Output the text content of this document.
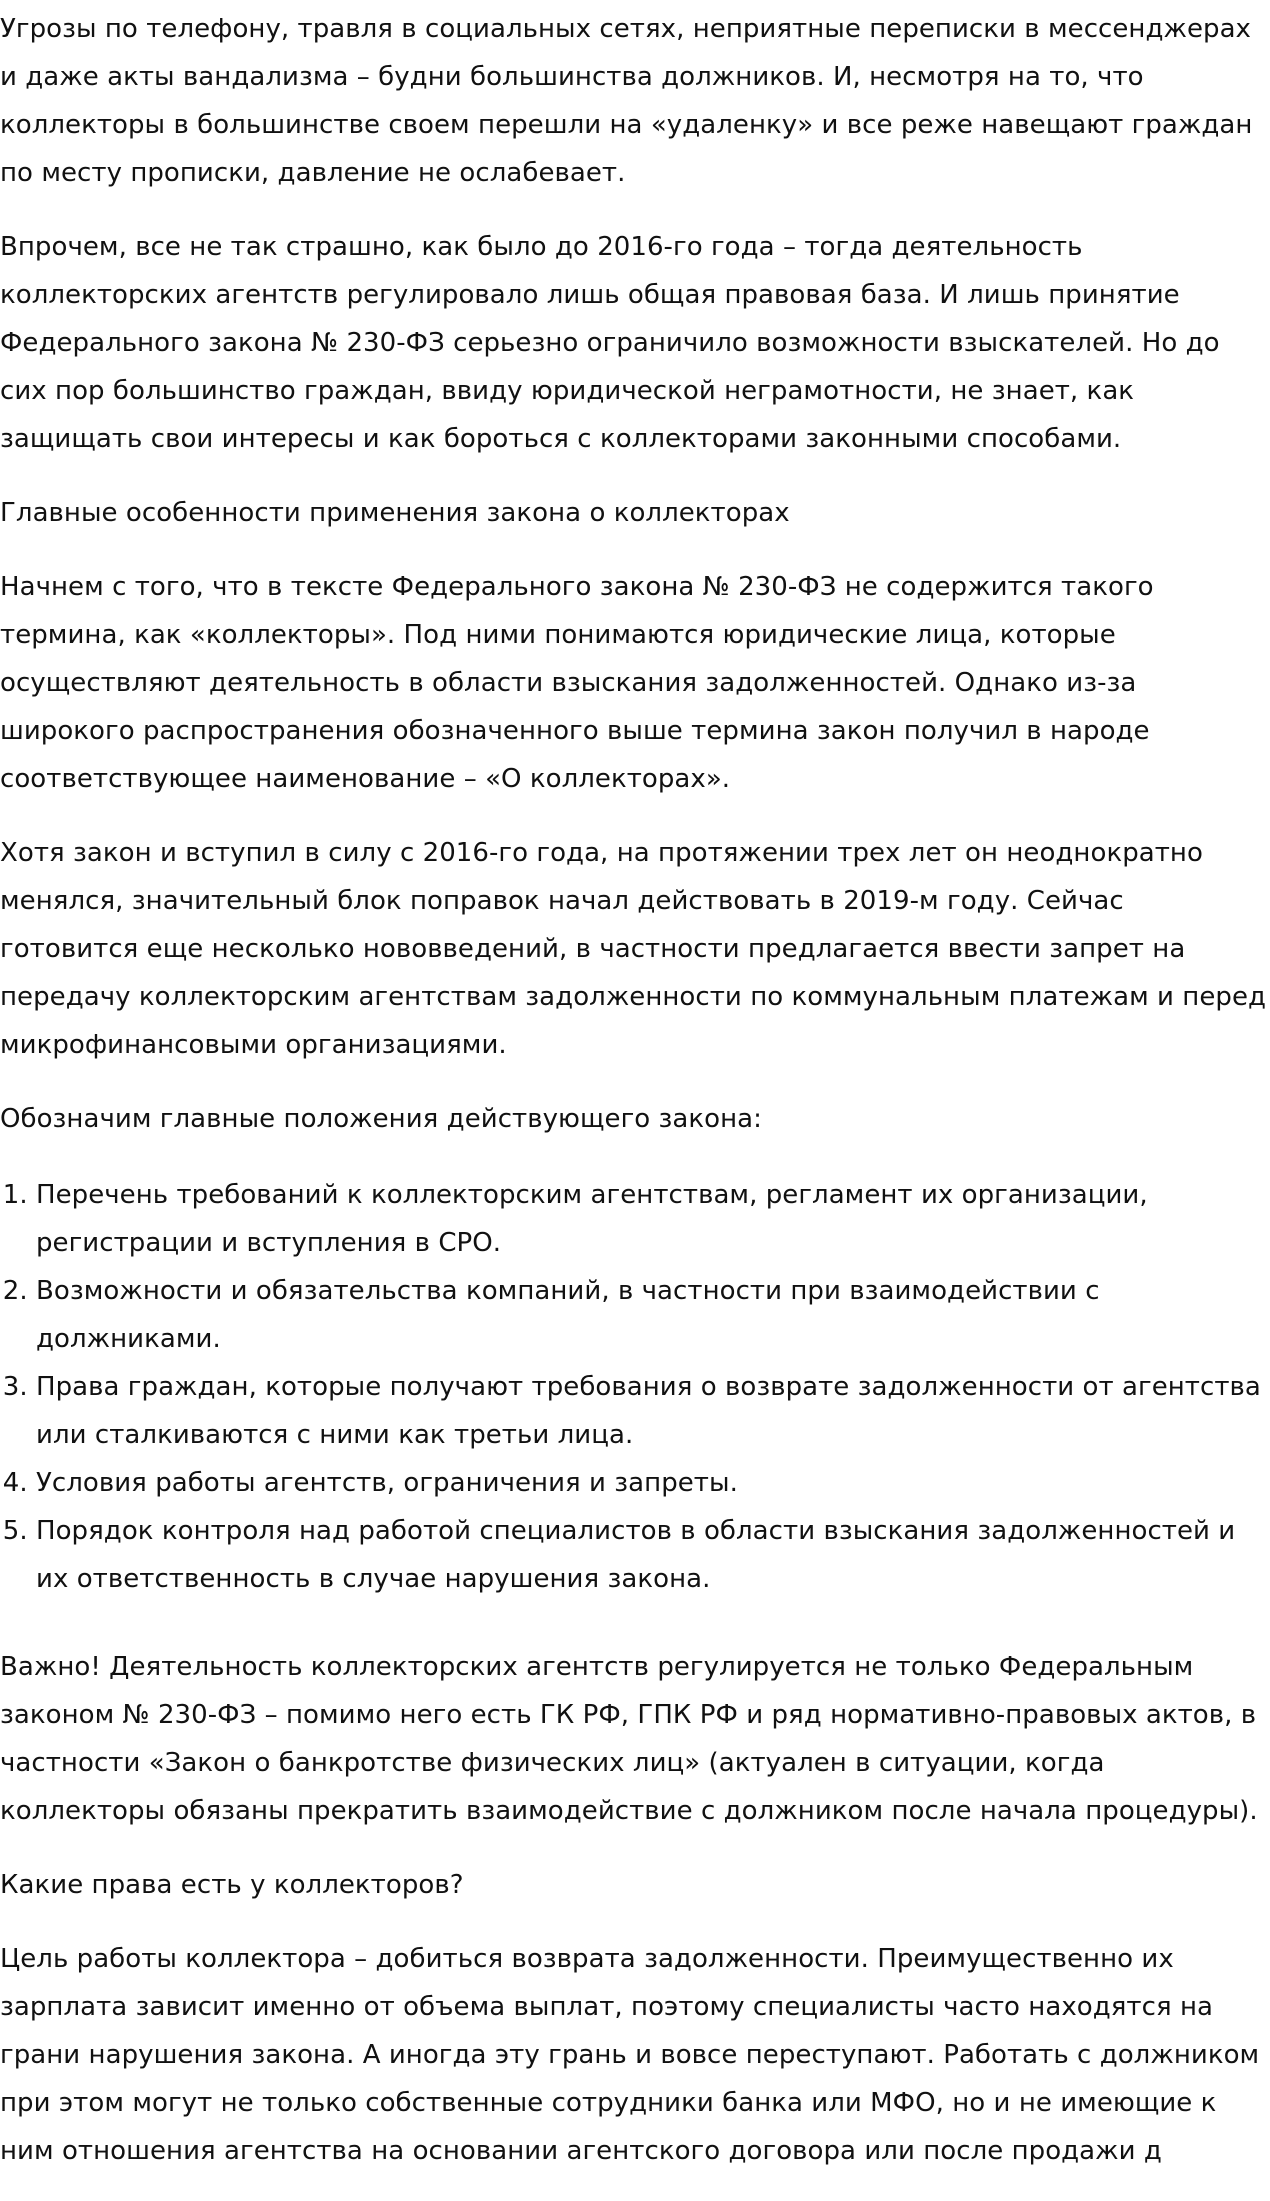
Угрозы по телефону, травля в социальных сетях, неприятные переписки в мессенджерах и даже акты вандализма – будни большинства должников. И, несмотря на то, что коллекторы в большинстве своем перешли на «удаленку» и все реже навещают граждан по месту прописки, давление не ослабевает.

Впрочем, все не так страшно, как было до 2016-го года – тогда деятельность коллекторских агентств регулировало лишь общая правовая база. И лишь принятие Федерального закона № 230-ФЗ серьезно ограничило возможности взыскателей. Но до сих пор большинство граждан, ввиду юридической неграмотности, не знает, как защищать свои интересы и как бороться с коллекторами законными способами.

Главные особенности применения закона о коллекторах

Начнем с того, что в тексте Федерального закона № 230-ФЗ не содержится такого термина, как «коллекторы». Под ними понимаются юридические лица, которые осуществляют деятельность в области взыскания задолженностей. Однако из-за широкого распространения обозначенного выше термина закон получил в народе соответствующее наименование – «О коллекторах».

Хотя закон и вступил в силу с 2016-го года, на протяжении трех лет он неоднократно менялся, значительный блок поправок начал действовать в 2019-м году. Сейчас готовится еще несколько нововведений, в частности предлагается ввести запрет на передачу коллекторским агентствам задолженности по коммунальным платежам и перед микрофинансовыми организациями.

Обозначим главные положения действующего закона:

1. Перечень требований к коллекторским агентствам, регламент их организации, регистрации и вступления в СРО.
2. Возможности и обязательства компаний, в частности при взаимодействии с должниками.
3. Права граждан, которые получают требования о возврате задолженности от агентства или сталкиваются с ними как третьи лица.
4. Условия работы агентств, ограничения и запреты.
5. Порядок контроля над работой специалистов в области взыскания задолженностей и их ответственность в случае нарушения закона.

Важно! Деятельность коллекторских агентств регулируется не только Федеральным законом № 230-ФЗ – помимо него есть ГК РФ, ГПК РФ и ряд нормативно-правовых актов, в частности «Закон о банкротстве физических лиц» (актуален в ситуации, когда коллекторы обязаны прекратить взаимодействие с должником после начала процедуры).

Какие права есть у коллекторов?

Цель работы коллектора – добиться возврата задолженности. Преимущественно их зарплата зависит именно от объема выплат, поэтому специалисты часто находятся на грани нарушения закона. А иногда эту грань и вовсе переступают. Работать с должником при этом могут не только собственные сотрудники банка или МФО, но и не имеющие к ним отношения агентства на основании агентского договора или после продажи д
